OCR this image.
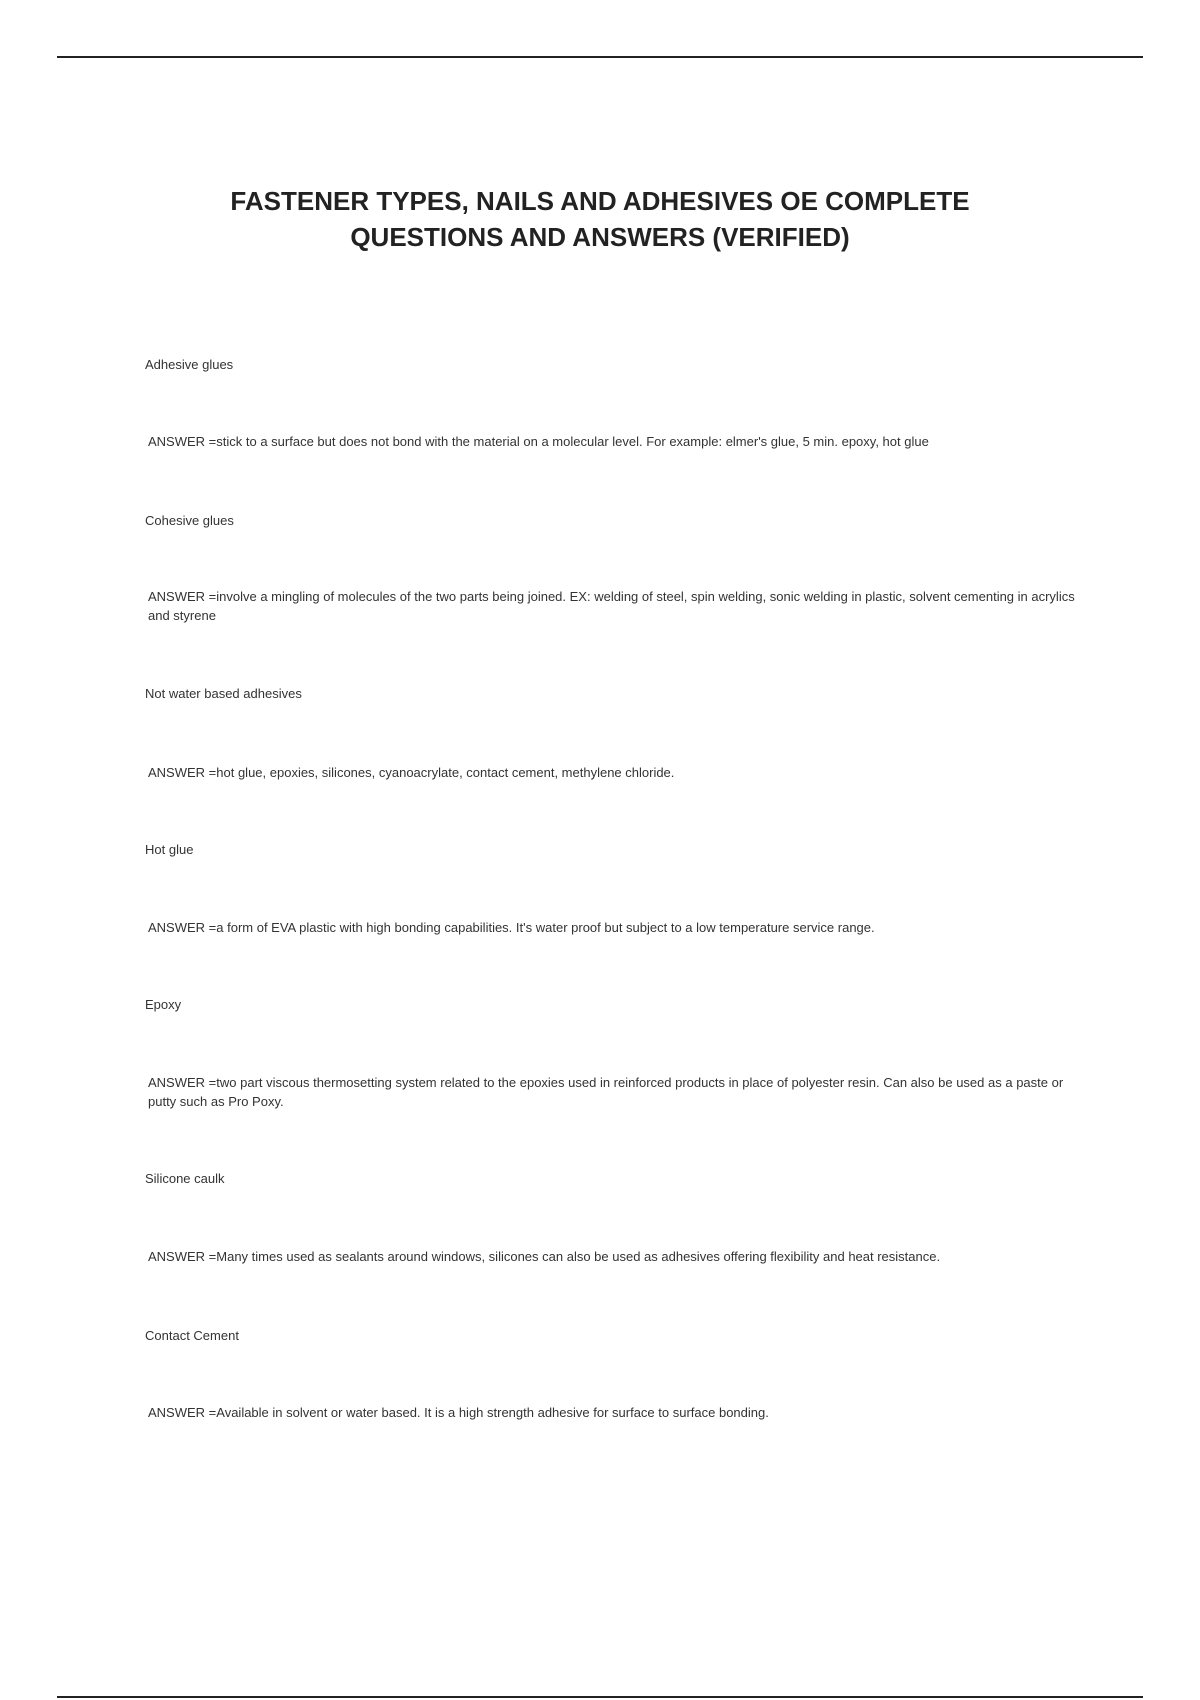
FASTENER TYPES, NAILS AND ADHESIVES OE COMPLETE
QUESTIONS AND ANSWERS (VERIFIED)

Adhesive glues

ANSWER =stick to a surface but does not bond with the material on a molecular level. For example: elmer's glue, 5 min. epoxy, hot glue

Cohesive glues

ANSWER =involve a mingling of molecules of the two parts being joined. EX: welding of steel, spin welding, sonic welding in plastic, solvent cementing in acrylics and styrene

Not water based adhesives

ANSWER =hot glue, epoxies, silicones, cyanoacrylate, contact cement, methylene chloride.

Hot glue

ANSWER =a form of EVA plastic with high bonding capabilities. It's water proof but subject to a low temperature service range.

Epoxy

ANSWER =two part viscous thermosetting system related to the epoxies used in reinforced products in place of polyester resin. Can also be used as a paste or putty such as Pro Poxy.

Silicone caulk

ANSWER =Many times used as sealants around windows, silicones can also be used as adhesives offering flexibility and heat resistance.

Contact Cement

ANSWER =Available in solvent or water based. It is a high strength adhesive for surface to surface bonding.
